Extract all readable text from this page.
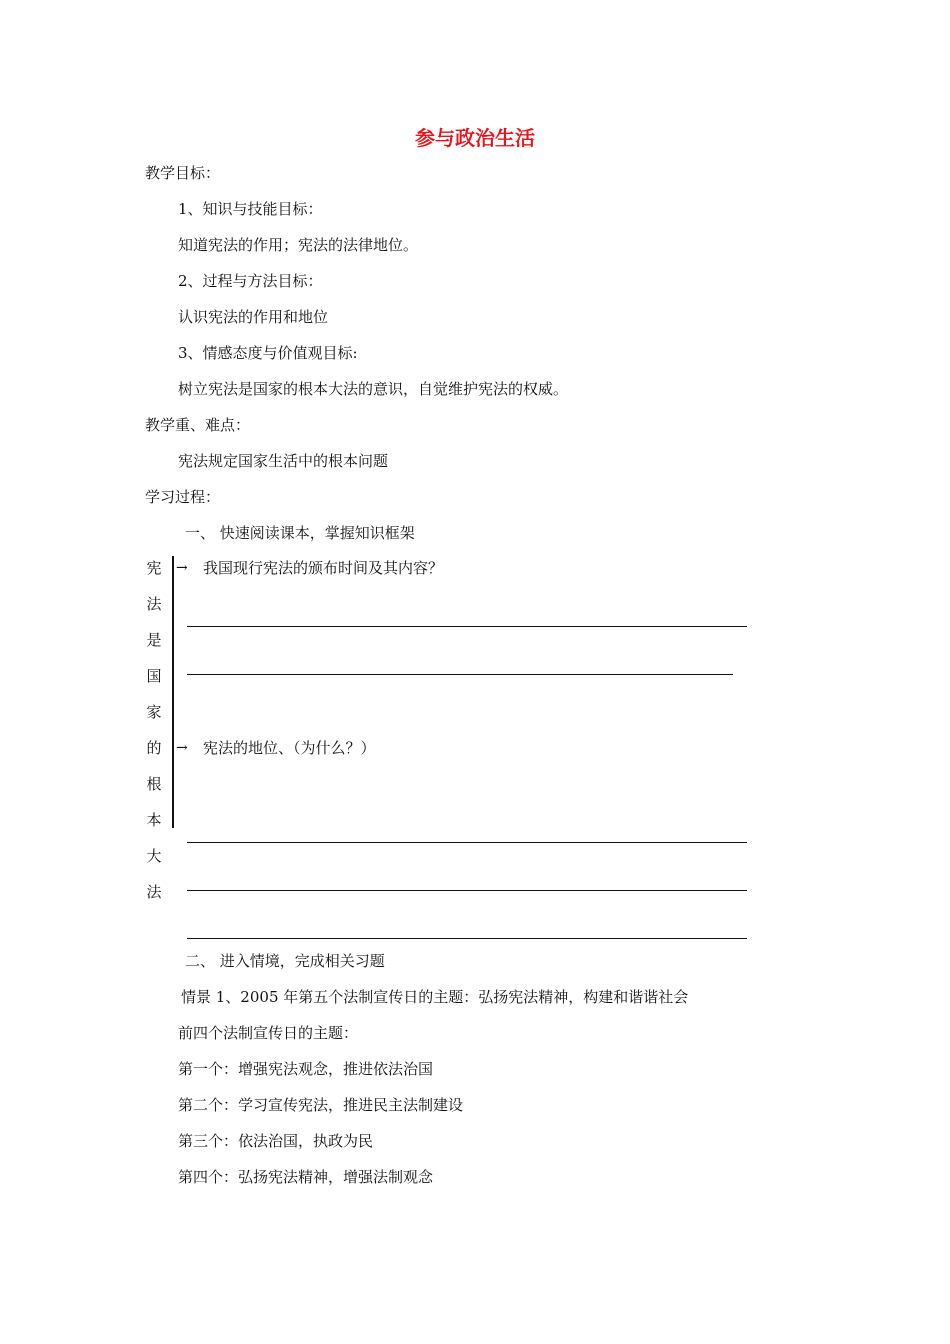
参与政治生活
教学目标：
1、知识与技能目标：
知道宪法的作用；宪法的法律地位。
2、过程与方法目标：
认识宪法的作用和地位
3、情感态度与价值观目标:
树立宪法是国家的根本大法的意识，自觉维护宪法的权威。
教学重、难点：
宪法规定国家生活中的根本问题
学习过程：
一、 快速阅读课本，掌握知识框架
宪
法
是
国
家
的
根
本
大
法
→ 我国现行宪法的颁布时间及其内容？
→ 宪法的地位、（为什么？）
二、 进入情境，完成相关习题
情景 1、2005 年第五个法制宣传日的主题：弘扬宪法精神，构建和谐谐社会
前四个法制宣传日的主题：
第一个：增强宪法观念，推进依法治国
第二个：学习宣传宪法，推进民主法制建设
第三个：依法治国，执政为民
第四个：弘扬宪法精神，增强法制观念
